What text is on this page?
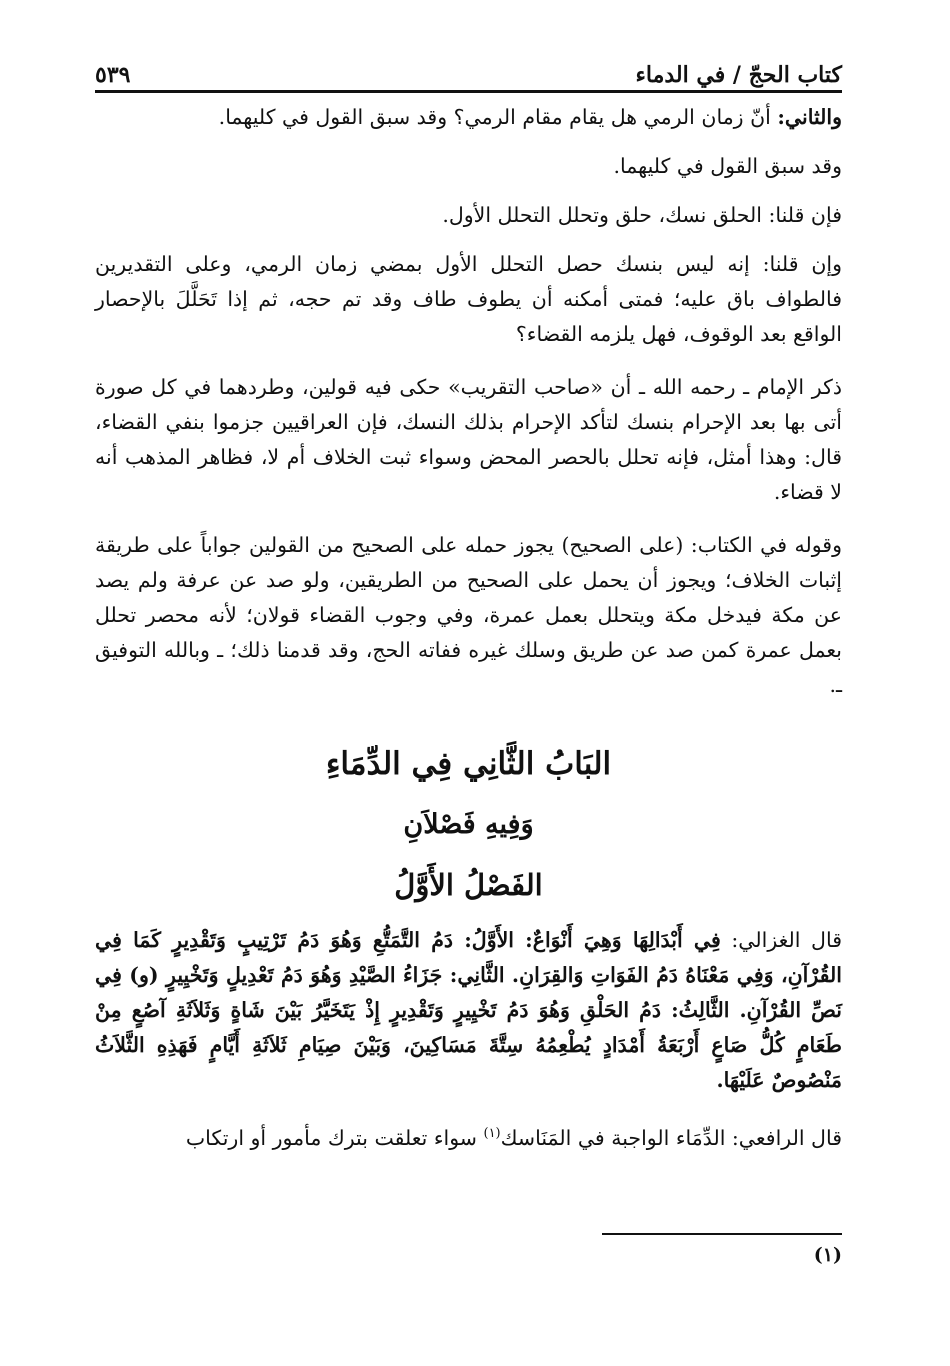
كتاب الحجّ / في الدماء
٥٣٩

والثاني: أنّ زمان الرمي هل يقام مقام الرمي؟ وقد سبق القول في كليهما.

وقد سبق القول في كليهما.

فإن قلنا: الحلق نسك، حلق وتحلل التحلل الأول.

وإن قلنا: إنه ليس بنسك حصل التحلل الأول بمضي زمان الرمي، وعلى التقديرين فالطواف باق عليه؛ فمتى أمكنه أن يطوف طاف وقد تم حجه، ثم إذا تَحَلَّلَ بالإحصار الواقع بعد الوقوف، فهل يلزمه القضاء؟

ذكر الإمام ـ رحمه الله ـ أن «صاحب التقريب» حكى فيه قولين، وطردهما في كل صورة أتى بها بعد الإحرام بنسك لتأكد الإحرام بذلك النسك، فإن العراقيين جزموا بنفي القضاء، قال: وهذا أمثل، فإنه تحلل بالحصر المحض وسواء ثبت الخلاف أم لا، فظاهر المذهب أنه لا قضاء.

وقوله في الكتاب: (على الصحيح) يجوز حمله على الصحيح من القولين جواباً على طريقة إثبات الخلاف؛ ويجوز أن يحمل على الصحيح من الطريقين، ولو صد عن عرفة ولم يصد عن مكة فيدخل مكة ويتحلل بعمل عمرة، وفي وجوب القضاء قولان؛ لأنه محصر تحلل بعمل عمرة كمن صد عن طريق وسلك غيره ففاته الحج، وقد قدمنا ذلك؛ ـ وبالله التوفيق ـ.

البَابُ الثَّانِي فِي الدِّمَاءِ
وَفِيهِ فَصْلاَنِ
الفَصْلُ الأَوَّلُ

قال الغزالي: فِي أَبْدَالِهَا وَهِيَ أَنْوَاعٌ: الأَوَّلُ: دَمُ التَّمَتُّعِ وَهُوَ دَمُ تَرْتِيبٍ وَتَقْدِيرٍ كَمَا فِي القُرْآنِ، وَفِي مَعْنَاهُ دَمُ الفَوَاتِ وَالقِرَانِ. الثَّانِي: جَزَاءُ الصَّيْدِ وَهُوَ دَمُ تَعْدِيلٍ وَتَخْيِيرٍ (و) فِي نَصِّ القُرْآنِ. الثَّالِثُ: دَمُ الحَلْقِ وَهُوَ دَمُ تَخْيِيرٍ وَتَقْدِيرٍ إِذْ يَتَخَيَّرُ بَيْنَ شَاةٍ وَثَلاَثَةِ آصُعٍ مِنْ طَعَامٍ كُلُّ صَاعٍ أَرْبَعَةُ أَمْدَادٍ يُطْعِمُهُ سِتَّةَ مَسَاكِينَ، وَبَيْنَ صِيَامِ ثَلاَثَةِ أَيَّامٍ فَهَذِهِ الثَّلاَثُ مَنْصُوصٌ عَلَيْهَا.

قال الرافعي: الدِّمَاء الواجبة في المَنَاسك$^{(١)}$ سواء تعلقت بترك مأمور أو ارتكاب

(١)
